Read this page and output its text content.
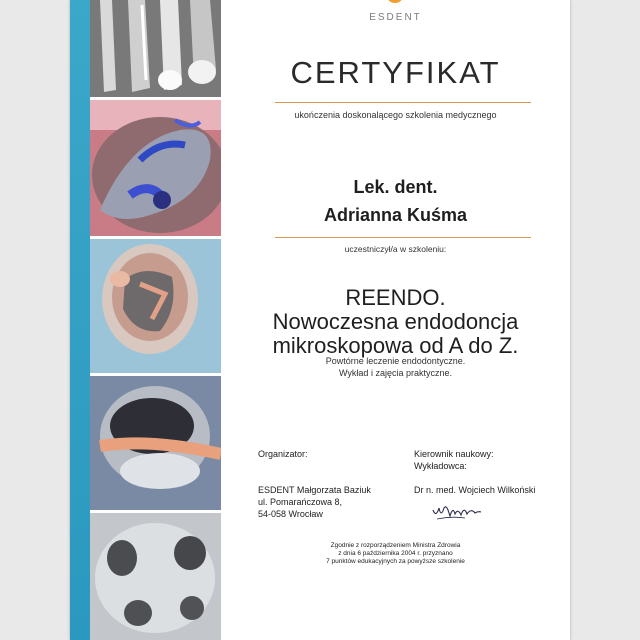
ESDENT
CERTYFIKAT
ukończenia doskonalącego szkolenia medycznego
Lek. dent.
Adrianna Kuśma
uczestniczył/a w szkoleniu:
REENDO.
Nowoczesna endodoncja
mikroskopowa od A do Z.
Powtórne leczenie endodontyczne.
Wykład i zajęcia praktyczne.
Organizator:
ESDENT Małgorzata Baziuk
ul. Pomarańczowa 8,
54-058 Wrocław
Kierownik naukowy:
Wykładowca:
Dr n. med. Wojciech Wilkoński
Zgodnie z rozporządzeniem Ministra Zdrowia
z dnia 6 października 2004 r. przyznano
7 punktów edukacyjnych za powyższe szkolenie
